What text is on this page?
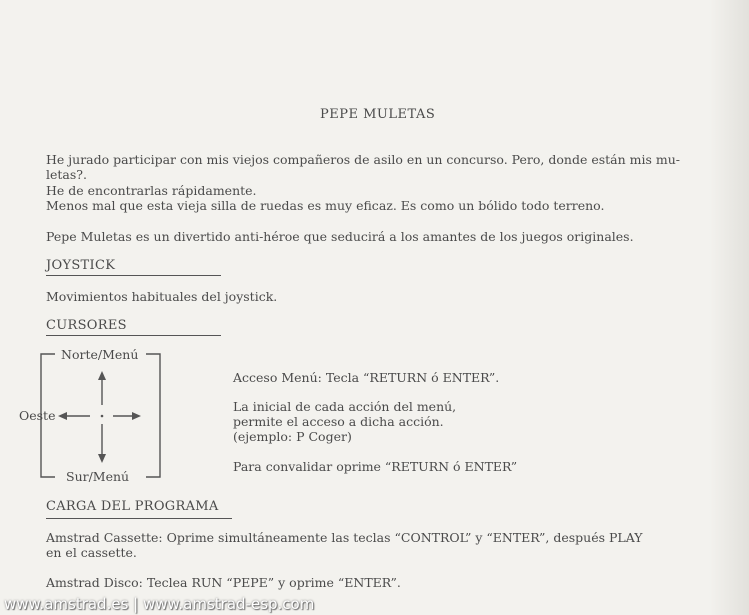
PEPE MULETAS
He jurado participar con mis viejos compañeros de asilo en un concurso. Pero, donde están mis mu-
letas?.
He de encontrarlas rápidamente.
Menos mal que esta vieja silla de ruedas es muy eficaz. Es como un bólido todo terreno.
Pepe Muletas es un divertido anti-héroe que seducirá a los amantes de los juegos originales.
JOYSTICK
Movimientos habituales del joystick.
CURSORES
Norte/Menú
Oeste
Sur/Menú
Acceso Menú: Tecla “RETURN ó ENTER”.
La inicial de cada acción del menú,
permite el acceso a dicha acción.
(ejemplo: P Coger)
Para convalidar oprime “RETURN ó ENTER”
CARGA DEL PROGRAMA
Amstrad Cassette: Oprime simultáneamente las teclas “CONTROL” y “ENTER”, después PLAY
en el cassette.
Amstrad Disco: Teclea RUN “PEPE” y oprime “ENTER”.
www.amstrad.es | www.amstrad-esp.com
